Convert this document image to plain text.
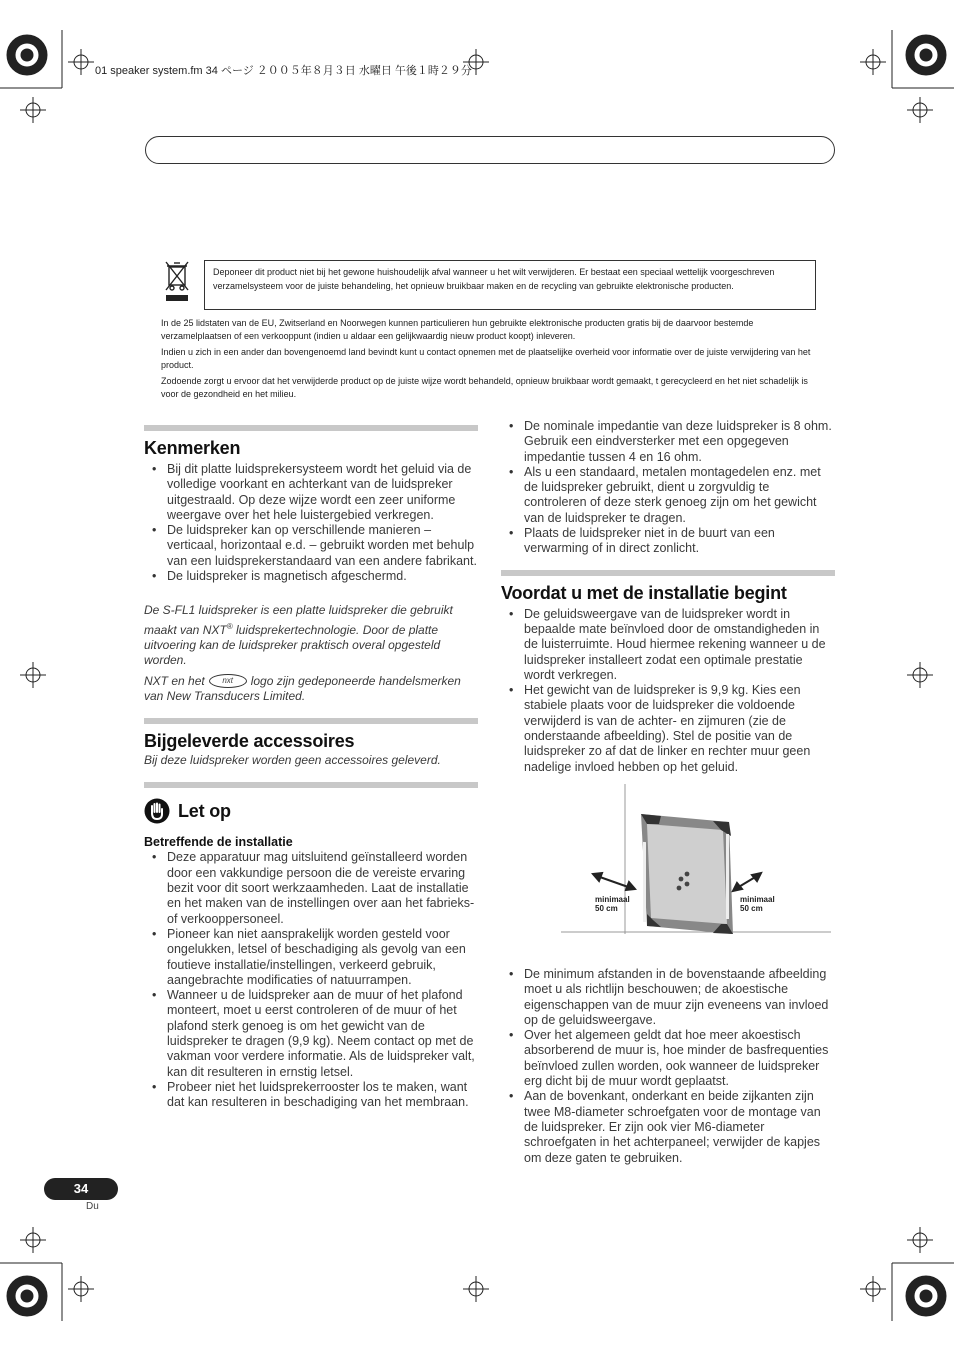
01 speaker system.fm 34 ページ ２００５年８月３日 水曜日 午後１時２９分
Deponeer dit product niet bij het gewone huishoudelijk afval wanneer u het wilt verwijderen. Er bestaat een speciaal wettelijk voorgeschreven verzamelsysteem voor de juiste behandeling, het opnieuw bruikbaar maken en de recycling van gebruikte elektronische producten.
In de 25 lidstaten van de EU, Zwitserland en Noorwegen kunnen particulieren hun gebruikte elektronische producten gratis bij de daarvoor bestemde verzamelplaatsen of een verkooppunt (indien u aldaar een gelijkwaardig nieuw product koopt) inleveren.
Indien u zich in een ander dan bovengenoemd land bevindt kunt u contact opnemen met de plaatselijke overheid voor informatie over de juiste verwijdering van het product.
Zodoende zorgt u ervoor dat het verwijderde product op de juiste wijze wordt behandeld, opnieuw bruikbaar wordt gemaakt, t gerecycleerd en het niet schadelijk is voor de gezondheid en het milieu.
Kenmerken
• Bij dit platte luidsprekersysteem wordt het geluid via de volledige voorkant en achterkant van de luidspreker uitgestraald. Op deze wijze wordt een zeer uniforme weergave over het hele luistergebied verkregen.
• De luidspreker kan op verschillende manieren – verticaal, horizontaal e.d. – gebruikt worden met behulp van een luidsprekerstandaard van een andere fabrikant.
• De luidspreker is magnetisch afgeschermd.
De S-FL1 luidspreker is een platte luidspreker die gebruikt maakt van NXT® luidsprekertechnologie. Door de platte uitvoering kan de luidspreker praktisch overal opgesteld worden.
NXT en het nxt logo zijn gedeponeerde handelsmerken van New Transducers Limited.
Bijgeleverde accessoires
Bij deze luidspreker worden geen accessoires geleverd.
Let op
Betreffende de installatie
• Deze apparatuur mag uitsluitend geïnstalleerd worden door een vakkundige persoon die de vereiste ervaring bezit voor dit soort werkzaamheden. Laat de installatie en het maken van de instellingen over aan het fabrieks- of verkooppersoneel.
• Pioneer kan niet aansprakelijk worden gesteld voor ongelukken, letsel of beschadiging als gevolg van een foutieve installatie/instellingen, verkeerd gebruik, aangebrachte modificaties of natuurrampen.
• Wanneer u de luidspreker aan de muur of het plafond monteert, moet u eerst controleren of de muur of het plafond sterk genoeg is om het gewicht van de luidspreker te dragen (9,9 kg). Neem contact op met de vakman voor verdere informatie. Als de luidspreker valt, kan dit resulteren in ernstig letsel.
• Probeer niet het luidsprekerrooster los te maken, want dat kan resulteren in beschadiging van het membraan.
• De nominale impedantie van deze luidspreker is 8 ohm. Gebruik een eindversterker met een opgegeven impedantie tussen 4 en 16 ohm.
• Als u een standaard, metalen montagedelen enz. met de luidspreker gebruikt, dient u zorgvuldig te controleren of deze sterk genoeg zijn om het gewicht van de luidspreker te dragen.
• Plaats de luidspreker niet in de buurt van een verwarming of in direct zonlicht.
Voordat u met de installatie begint
• De geluidsweergave van de luidspreker wordt in bepaalde mate beïnvloed door de omstandigheden in de luisterruimte. Houd hiermee rekening wanneer u de luidspreker installeert zodat een optimale prestatie wordt verkregen.
• Het gewicht van de luidspreker is 9,9 kg. Kies een stabiele plaats voor de luidspreker die voldoende verwijderd is van de achter- en zijmuren (zie de onderstaande afbeelding). Stel de positie van de luidspreker zo af dat de linker en rechter muur geen nadelige invloed hebben op het geluid.
minimaal
50 cm
minimaal
50 cm
• De minimum afstanden in de bovenstaande afbeelding moet u als richtlijn beschouwen; de akoestische eigenschappen van de muur zijn eveneens van invloed op de geluidsweergave.
• Over het algemeen geldt dat hoe meer akoestisch absorberend de muur is, hoe minder de basfrequenties beïnvloed zullen worden, ook wanneer de luidspreker erg dicht bij de muur wordt geplaatst.
• Aan de bovenkant, onderkant en beide zijkanten zijn twee M8-diameter schroefgaten voor de montage van de luidspreker. Er zijn ook vier M6-diameter schroefgaten in het achterpaneel; verwijder de kapjes om deze gaten te gebruiken.
34
Du
